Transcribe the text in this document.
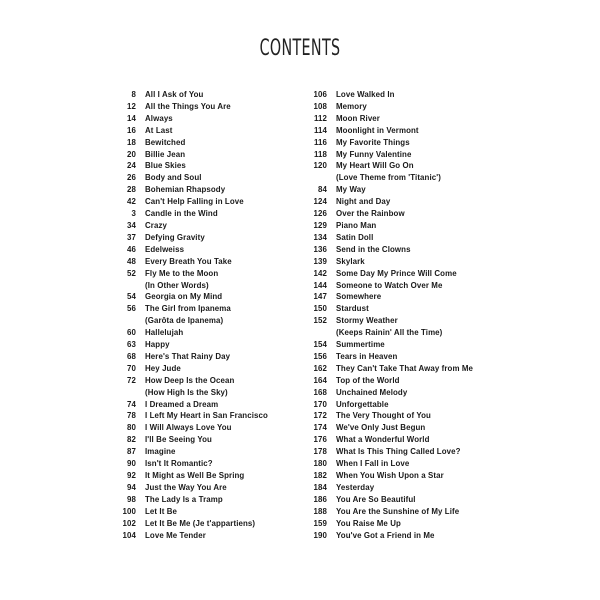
CONTENTS
8 All I Ask of You
12 All the Things You Are
14 Always
16 At Last
18 Bewitched
20 Billie Jean
24 Blue Skies
26 Body and Soul
28 Bohemian Rhapsody
42 Can't Help Falling in Love
3 Candle in the Wind
34 Crazy
37 Defying Gravity
46 Edelweiss
48 Every Breath You Take
52 Fly Me to the Moon
(In Other Words)
54 Georgia on My Mind
56 The Girl from Ipanema
(Garôta de Ipanema)
60 Hallelujah
63 Happy
68 Here's That Rainy Day
70 Hey Jude
72 How Deep Is the Ocean
(How High Is the Sky)
74 I Dreamed a Dream
78 I Left My Heart in San Francisco
80 I Will Always Love You
82 I'll Be Seeing You
87 Imagine
90 Isn't It Romantic?
92 It Might as Well Be Spring
94 Just the Way You Are
98 The Lady Is a Tramp
100 Let It Be
102 Let It Be Me (Je t'appartiens)
104 Love Me Tender
106 Love Walked In
108 Memory
112 Moon River
114 Moonlight in Vermont
116 My Favorite Things
118 My Funny Valentine
120 My Heart Will Go On
(Love Theme from 'Titanic')
84 My Way
124 Night and Day
126 Over the Rainbow
129 Piano Man
134 Satin Doll
136 Send in the Clowns
139 Skylark
142 Some Day My Prince Will Come
144 Someone to Watch Over Me
147 Somewhere
150 Stardust
152 Stormy Weather
(Keeps Rainin' All the Time)
154 Summertime
156 Tears in Heaven
162 They Can't Take That Away from Me
164 Top of the World
168 Unchained Melody
170 Unforgettable
172 The Very Thought of You
174 We've Only Just Begun
176 What a Wonderful World
178 What Is This Thing Called Love?
180 When I Fall in Love
182 When You Wish Upon a Star
184 Yesterday
186 You Are So Beautiful
188 You Are the Sunshine of My Life
159 You Raise Me Up
190 You've Got a Friend in Me
